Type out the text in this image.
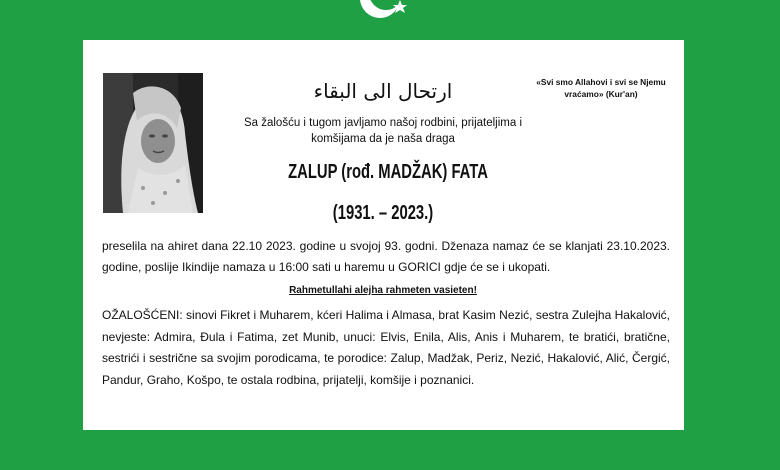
ارتحال الى البقاء	«Svi smo Allahovi i svi se Njemu vraćamo» (Kur'an)
Sa žalošću i tugom javljamo našoj rodbini, prijateljima i komšijama da je naša draga
ZALUP (rođ. MADŽAK) FATA
(1931. – 2023.)
preselila na ahiret dana 22.10 2023. godine u svojoj 93. godni. Dženaza namaz će se klanjati 23.10.2023. godine, poslije Ikindije namaza u 16:00 sati u haremu u GORICI gdje će se i ukopati.
Rahmetullahi alejha rahmeten vasieten!
OŽALOŠĆENI: sinovi Fikret i Muharem, kćeri Halima i Almasa, brat Kasim Nezić, sestra Zulejha Hakalović, nevjeste: Admira, Đula i Fatima, zet Munib, unuci: Elvis, Enila, Alis, Anis i Muharem, te bratići, bratične, sestrići i sestrične sa svojim porodicama, te porodice: Zalup, Madžak, Periz, Nezić, Hakalović, Alić, Čergić, Pandur, Graho, Košpo, te ostala rodbina, prijatelji, komšije i poznanici.
